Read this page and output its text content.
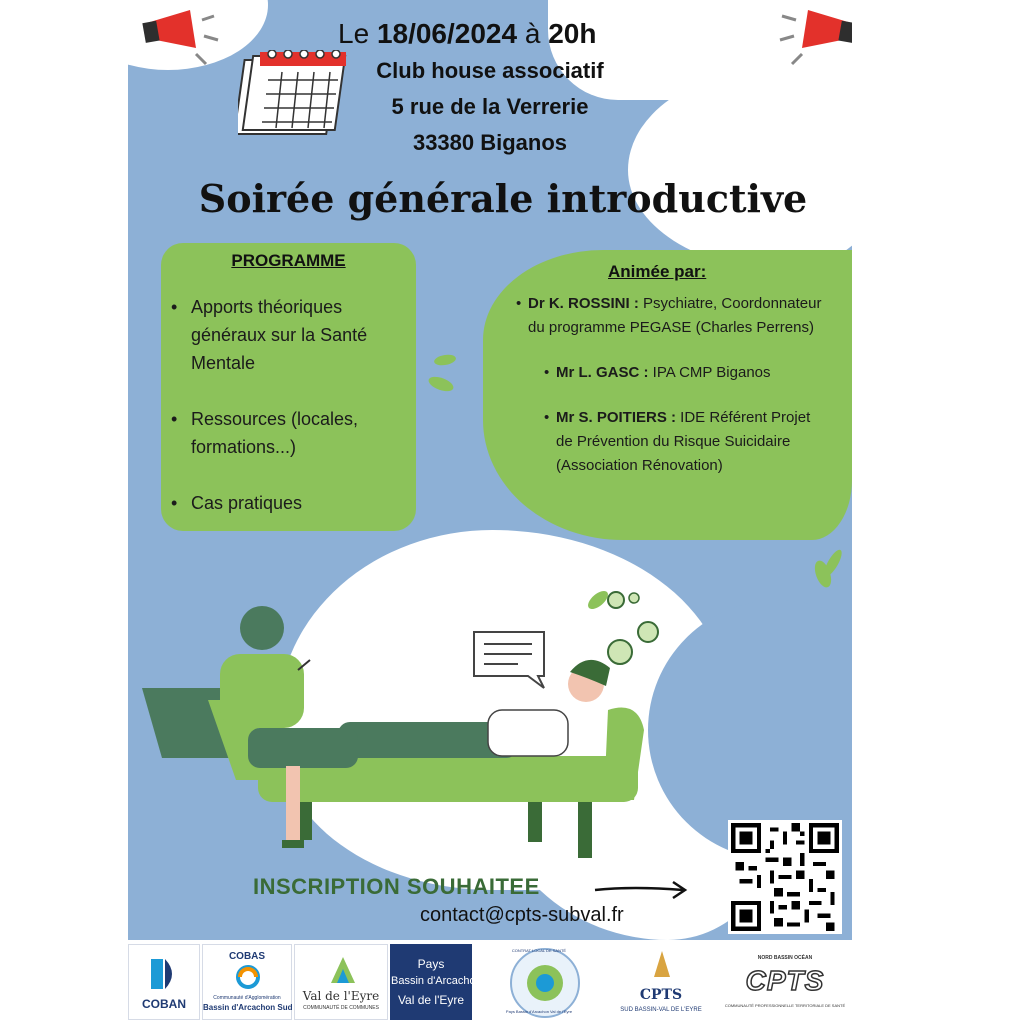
Le 18/06/2024 à 20h
Club house associatif
5 rue de la Verrerie
33380 Biganos
Soirée générale introductive
PROGRAMME
• Apports théoriques généraux sur la Santé Mentale
• Ressources (locales, formations...)
• Cas pratiques
Animée par:
• Dr K. ROSSINI : Psychiatre, Coordonnateur du programme PEGASE (Charles Perrens)
• Mr L. GASC : IPA CMP Biganos
• Mr S. POITIERS : IDE Référent Projet de Prévention du Risque Suicidaire (Association Rénovation)
INSCRIPTION SOUHAITEE
contact@cpts-subval.fr
COBAN
COBAS
Communauté d'Agglomération
Bassin d'Arcachon Sud
Val de l'Eyre
COMMUNAUTÉ DE COMMUNES
Pays
Bassin d'Arcachon
Val de l'Eyre
CONTRAT LOCAL DE SANTÉ
Pays Bassin d'Arcachon Val de l'Eyre
CPTS
SUD BASSIN-VAL DE L'EYRE
NORD BASSIN OCÉAN
CPTS
COMMUNAUTÉ PROFESSIONNELLE TERRITORIALE DE SANTÉ
